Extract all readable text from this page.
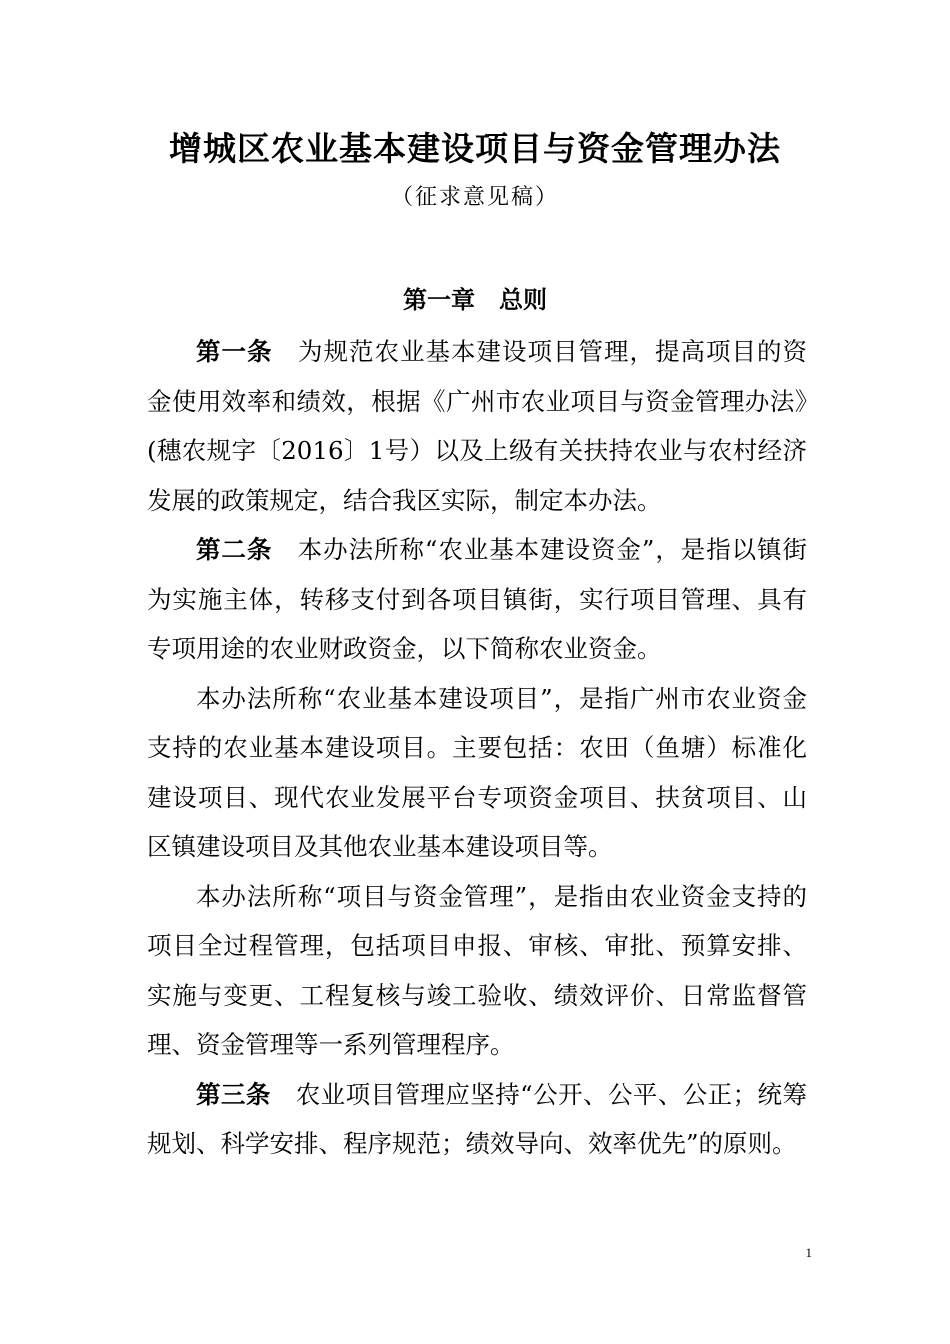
增城区农业基本建设项目与资金管理办法
（征求意见稿）
第一章　总则

第一条 为规范农业基本建设项目管理，提高项目的资金使用效率和绩效，根据《广州市农业项目与资金管理办法》(穗农规字〔2016〕1号）以及上级有关扶持农业与农村经济发展的政策规定，结合我区实际，制定本办法。

第二条 本办法所称“农业基本建设资金”，是指以镇街为实施主体，转移支付到各项目镇街，实行项目管理、具有专项用途的农业财政资金，以下简称农业资金。

本办法所称“农业基本建设项目”，是指广州市农业资金支持的农业基本建设项目。主要包括：农田（鱼塘）标准化建设项目、现代农业发展平台专项资金项目、扶贫项目、山区镇建设项目及其他农业基本建设项目等。

本办法所称“项目与资金管理”，是指由农业资金支持的项目全过程管理，包括项目申报、审核、审批、预算安排、实施与变更、工程复核与竣工验收、绩效评价、日常监督管理、资金管理等一系列管理程序。

第三条 农业项目管理应坚持“公开、公平、公正；统筹规划、科学安排、程序规范；绩效导向、效率优先”的原则。

1
